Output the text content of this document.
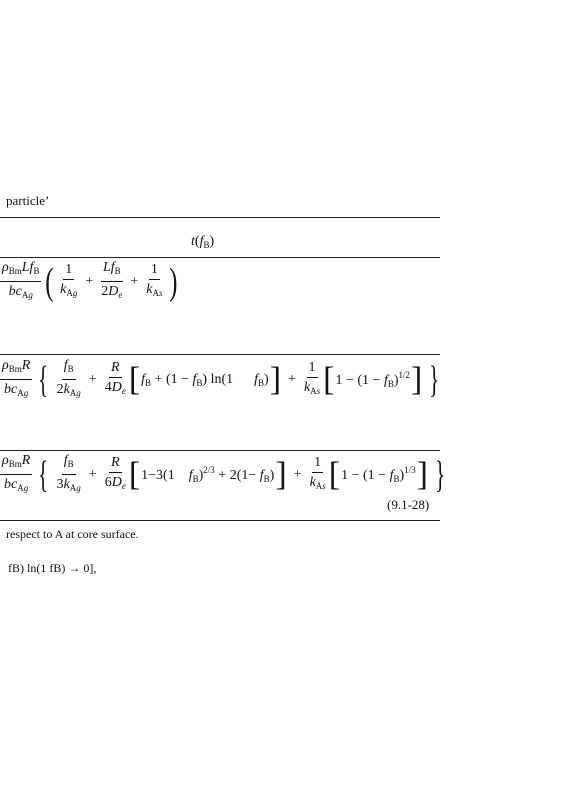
particle’
$t(f_B)$
$\frac{\rho_{Bm}Lf_B}{bc_{Ag}}$ ( $\frac{1}{k_{Ag}} + \frac{Lf_B}{2D_e} + \frac{1}{k_{As}}$ )
$\frac{\rho_{Bm}R}{bc_{Ag}}$ { $\frac{f_B}{2k_{Ag}} + \frac{R}{4D_e}$ [ $f_B + (1 - f_B)$ ln(1      $f_B$) ] + $\frac{1}{k_{As}}$ [ $1 - (1 - f_B)^{1/2}$ ] }
$\frac{\rho_{Bm}R}{bc_{Ag}}$ { $\frac{f_B}{3k_{Ag}} + \frac{R}{6D_e}$ [ 1−3(1    $f_B)^{2/3} + 2(1- f_B)$ ] + $\frac{1}{k_{As}}$ [ $1 - (1 - f_B)^{1/3}$ ] }
(9.1-28)
respect to A at core surface.
fB) ln(1 fB) → 0],
